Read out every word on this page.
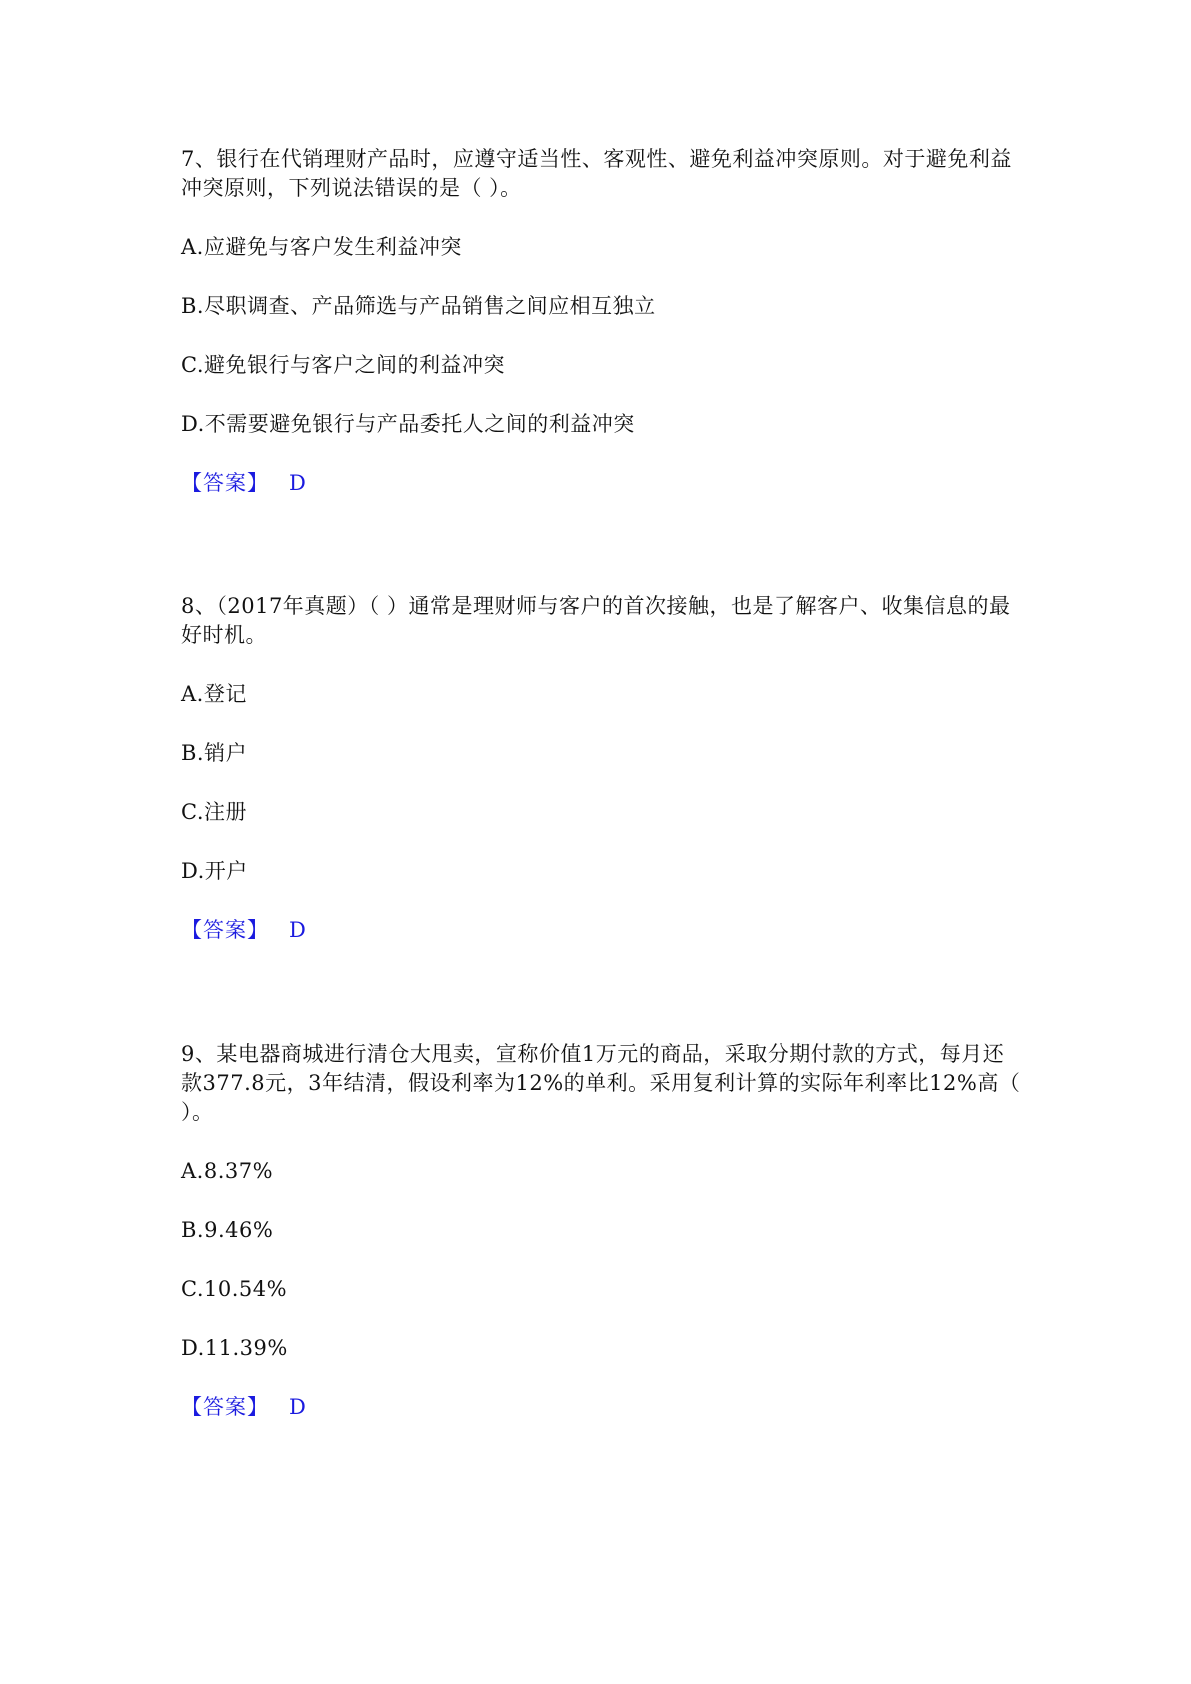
7、银行在代销理财产品时，应遵守适当性、客观性、避免利益冲突原则。对于避免利益冲突原则，下列说法错误的是（ ）。

A.应避免与客户发生利益冲突
B.尽职调查、产品筛选与产品销售之间应相互独立
C.避免银行与客户之间的利益冲突
D.不需要避免银行与产品委托人之间的利益冲突
【答案】 D

8、（2017年真题）（ ）通常是理财师与客户的首次接触，也是了解客户、收集信息的最好时机。

A.登记
B.销户
C.注册
D.开户
【答案】 D

9、某电器商城进行清仓大甩卖，宣称价值1万元的商品，采取分期付款的方式，每月还款377.8元，3年结清，假设利率为12%的单利。采用复利计算的实际年利率比12%高（ ）。

A.8.37%
B.9.46%
C.10.54%
D.11.39%
【答案】 D
